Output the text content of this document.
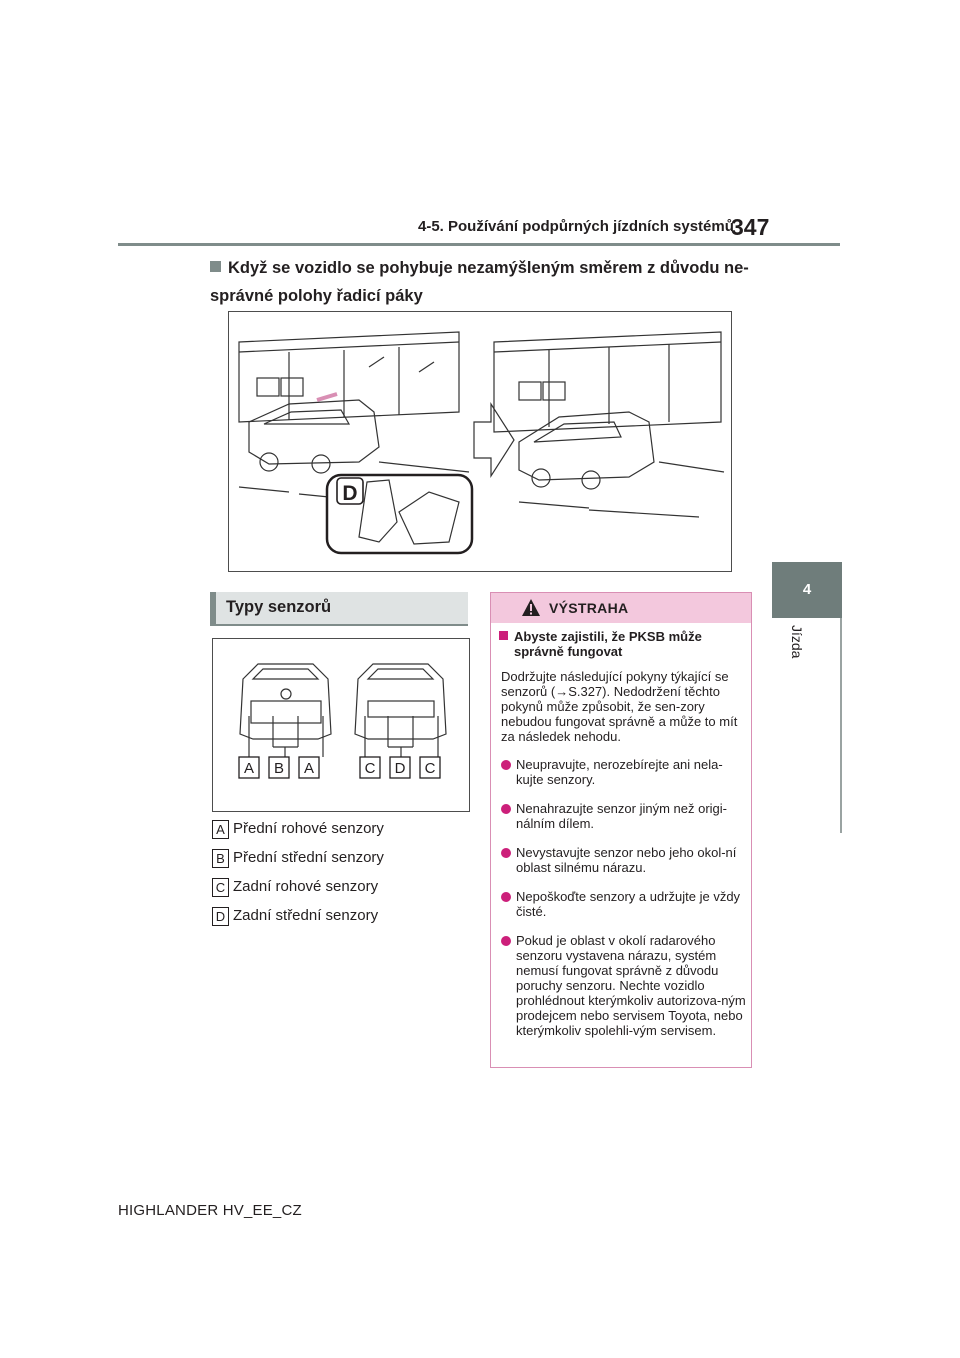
4-5. Používání podpůrných jízdních systémů
347
4
Jízda
Když se vozidlo se pohybuje nezamýšleným směrem z důvodu ne-správné polohy řadicí páky
D
Typy senzorů
A B A	C D C
A Přední rohové senzory
B Přední střední senzory
C Zadní rohové senzory
D Zadní střední senzory
VÝSTRAHA
Abyste zajistili, že PKSB může správně fungovat
Dodržujte následující pokyny týkající se senzorů (→S.327). Nedodržení těchto pokynů může způsobit, že sen-zory nebudou fungovat správně a může to mít za následek nehodu.
Neupravujte, nerozebírejte ani nela-kujte senzory.
Nenahrazujte senzor jiným než origi-nálním dílem.
Nevystavujte senzor nebo jeho okol-ní oblast silnému nárazu.
Nepoškoďte senzory a udržujte je vždy čisté.
Pokud je oblast v okolí radarového senzoru vystavena nárazu, systém nemusí fungovat správně z důvodu poruchy senzoru. Nechte vozidlo prohlédnout kterýmkoliv autorizova-ným prodejcem nebo servisem Toyota, nebo kterýmkoliv spolehli-vým servisem.
HIGHLANDER HV_EE_CZ
